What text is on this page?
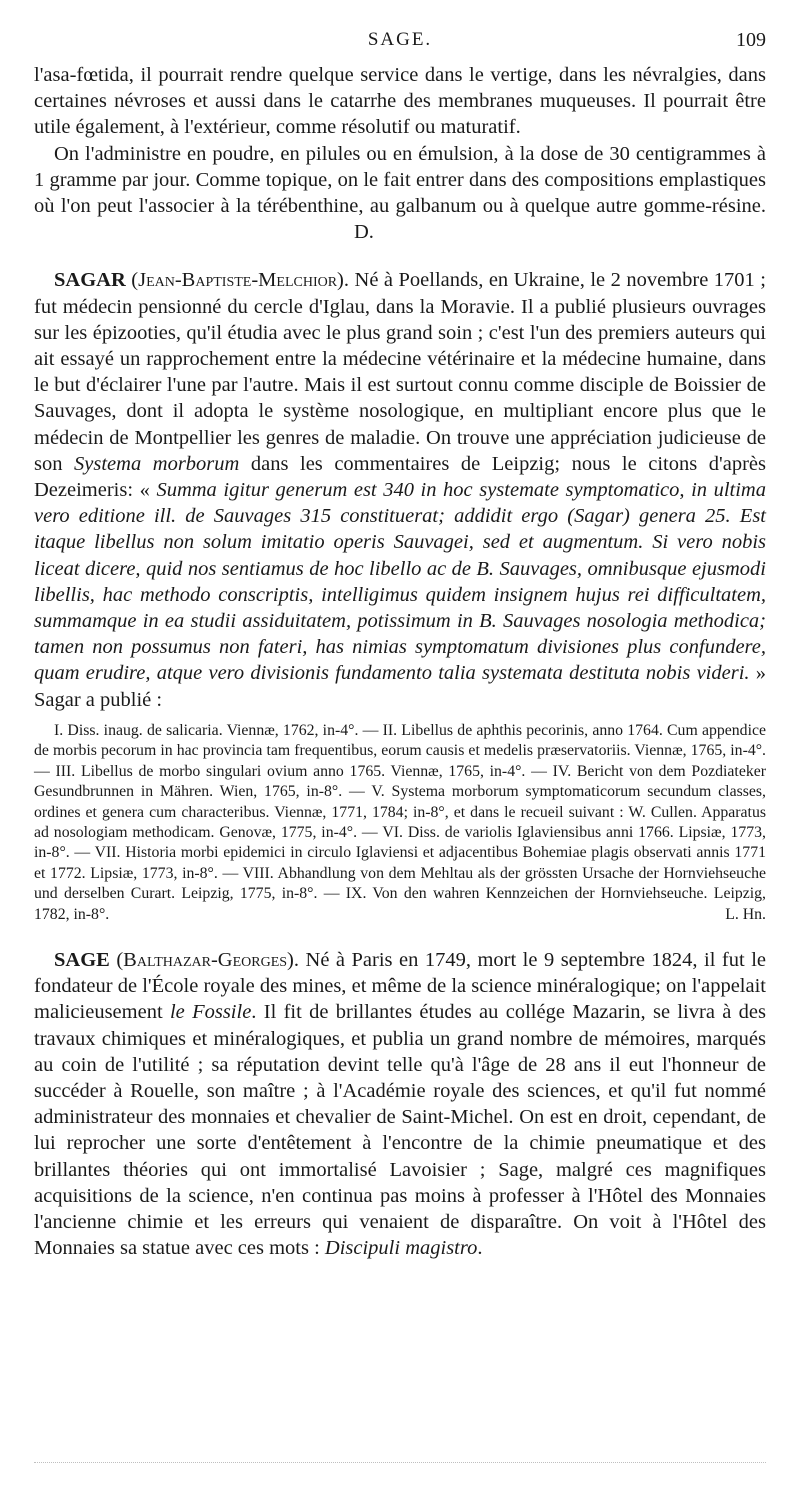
SAGE.	109

l'asa-fœtida, il pourrait rendre quelque service dans le vertige, dans les névralgies, dans certaines névroses et aussi dans le catarrhe des membranes muqueuses. Il pourrait être utile également, à l'extérieur, comme résolutif ou maturatif.

On l'administre en poudre, en pilules ou en émulsion, à la dose de 30 centigrammes à 1 gramme par jour. Comme topique, on le fait entrer dans des compositions emplastiques où l'on peut l'associer à la térébenthine, au galbanum ou à quelque autre gomme-résine.D.

SAGAR (Jean-Baptiste-Melchior). Né à Poellands, en Ukraine, le 2 novembre 1701 ; fut médecin pensionné du cercle d'Iglau, dans la Moravie. Il a publié plusieurs ouvrages sur les épizooties, qu'il étudia avec le plus grand soin ; c'est l'un des premiers auteurs qui ait essayé un rapprochement entre la médecine vétérinaire et la médecine humaine, dans le but d'éclairer l'une par l'autre. Mais il est surtout connu comme disciple de Boissier de Sauvages, dont il adopta le système nosologique, en multipliant encore plus que le médecin de Montpellier les genres de maladie. On trouve une appréciation judicieuse de son Systema morborum dans les commentaires de Leipzig; nous le citons d'après Dezeimeris: « Summa igitur generum est 340 in hoc systemate symptomatico, in ultima vero editione ill. de Sauvages 315 constituerat; addidit ergo (Sagar) genera 25. Est itaque libellus non solum imitatio operis Sauvagei, sed et augmentum. Si vero nobis liceat dicere, quid nos sentiamus de hoc libello ac de B. Sauvages, omnibusque ejusmodi libellis, hac methodo conscriptis, intelligimus quidem insignem hujus rei difficultatem, summamque in ea studii assiduitatem, potissimum in B. Sauvages nosologia methodica; tamen non possumus non fateri, has nimias symptomatum divisiones plus confundere, quam erudire, atque vero divisionis fundamento talia systemata destituta nobis videri. » Sagar a publié :

I. Diss. inaug. de salicaria. Viennæ, 1762, in-4°. — II. Libellus de aphthis pecorinis, anno 1764. Cum appendice de morbis pecorum in hac provincia tam frequentibus, eorum causis et medelis præservatoriis. Viennæ, 1765, in-4°. — III. Libellus de morbo singulari ovium anno 1765. Viennæ, 1765, in-4°. — IV. Bericht von dem Pozdiateker Gesundbrunnen in Mähren. Wien, 1765, in-8°. — V. Systema morborum symptomaticorum secundum classes, ordines et genera cum characteribus. Viennæ, 1771, 1784; in-8°, et dans le recueil suivant : W. Cullen. Apparatus ad nosologiam methodicam. Genovæ, 1775, in-4°. — VI. Diss. de variolis Iglaviensibus anni 1766. Lipsiæ, 1773, in-8°. — VII. Historia morbi epidemici in circulo Iglaviensi et adjacentibus Bohemiae plagis observati annis 1771 et 1772. Lipsiæ, 1773, in-8°. — VIII. Abhandlung von dem Mehltau als der grössten Ursache der Hornviehseuche und derselben Curart. Leipzig, 1775, in-8°. — IX. Von den wahren Kennzeichen der Hornviehseuche. Leipzig, 1782, in-8°.	L. Hn.

SAGE (Balthazar-Georges). Né à Paris en 1749, mort le 9 septembre 1824, il fut le fondateur de l'École royale des mines, et même de la science minéralogique; on l'appelait malicieusement le Fossile. Il fit de brillantes études au collége Mazarin, se livra à des travaux chimiques et minéralogiques, et publia un grand nombre de mémoires, marqués au coin de l'utilité ; sa réputation devint telle qu'à l'âge de 28 ans il eut l'honneur de succéder à Rouelle, son maître ; à l'Académie royale des sciences, et qu'il fut nommé administrateur des monnaies et chevalier de Saint-Michel. On est en droit, cependant, de lui reprocher une sorte d'entêtement à l'encontre de la chimie pneumatique et des brillantes théories qui ont immortalisé Lavoisier ; Sage, malgré ces magnifiques acquisitions de la science, n'en continua pas moins à professer à l'Hôtel des Monnaies l'ancienne chimie et les erreurs qui venaient de disparaître. On voit à l'Hôtel des Monnaies sa statue avec ces mots : Discipuli magistro.
